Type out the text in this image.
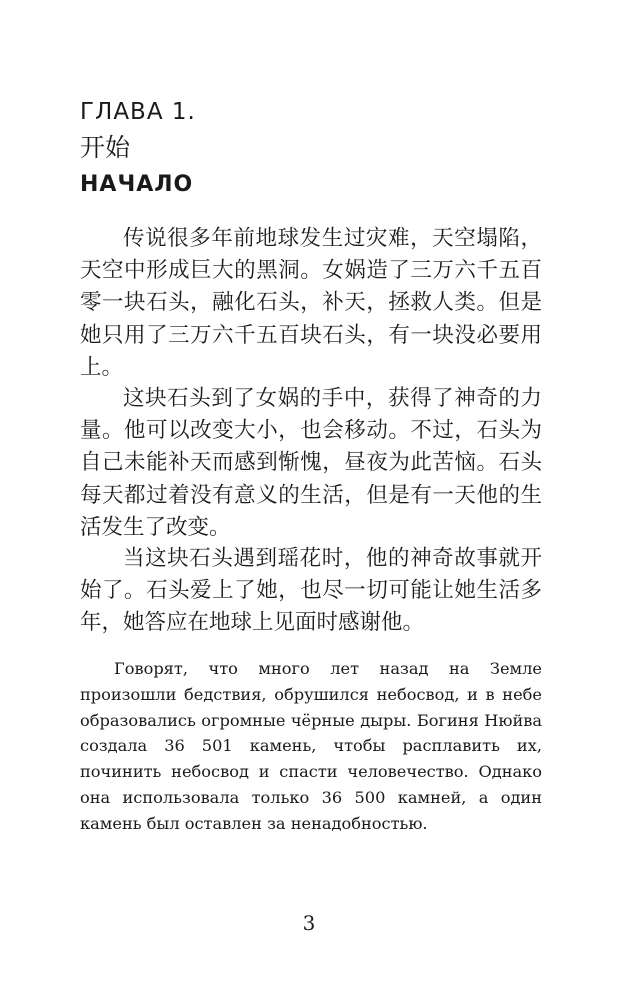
ГЛАВА 1.
开始
НАЧАЛО

传说很多年前地球发生过灾难，天空塌陷，天空中形成巨大的黑洞。女娲造了三万六千五百零一块石头，融化石头，补天，拯救人类。但是她只用了三万六千五百块石头，有一块没必要用上。

这块石头到了女娲的手中，获得了神奇的力量。他可以改变大小，也会移动。不过，石头为自己未能补天而感到惭愧，昼夜为此苦恼。石头每天都过着没有意义的生活，但是有一天他的生活发生了改变。

当这块石头遇到瑶花时，他的神奇故事就开始了。石头爱上了她，也尽一切可能让她生活多年，她答应在地球上见面时感谢他。

Говорят, что много лет назад на Земле произошли бедствия, обрушился небосвод, и в небе образовались огромные чёрные дыры. Богиня Нюйва создала 36 501 камень, чтобы расплавить их, починить небосвод и спасти человечество. Однако она использовала только 36 500 камней, а один камень был оставлен за ненадобностью.

3
